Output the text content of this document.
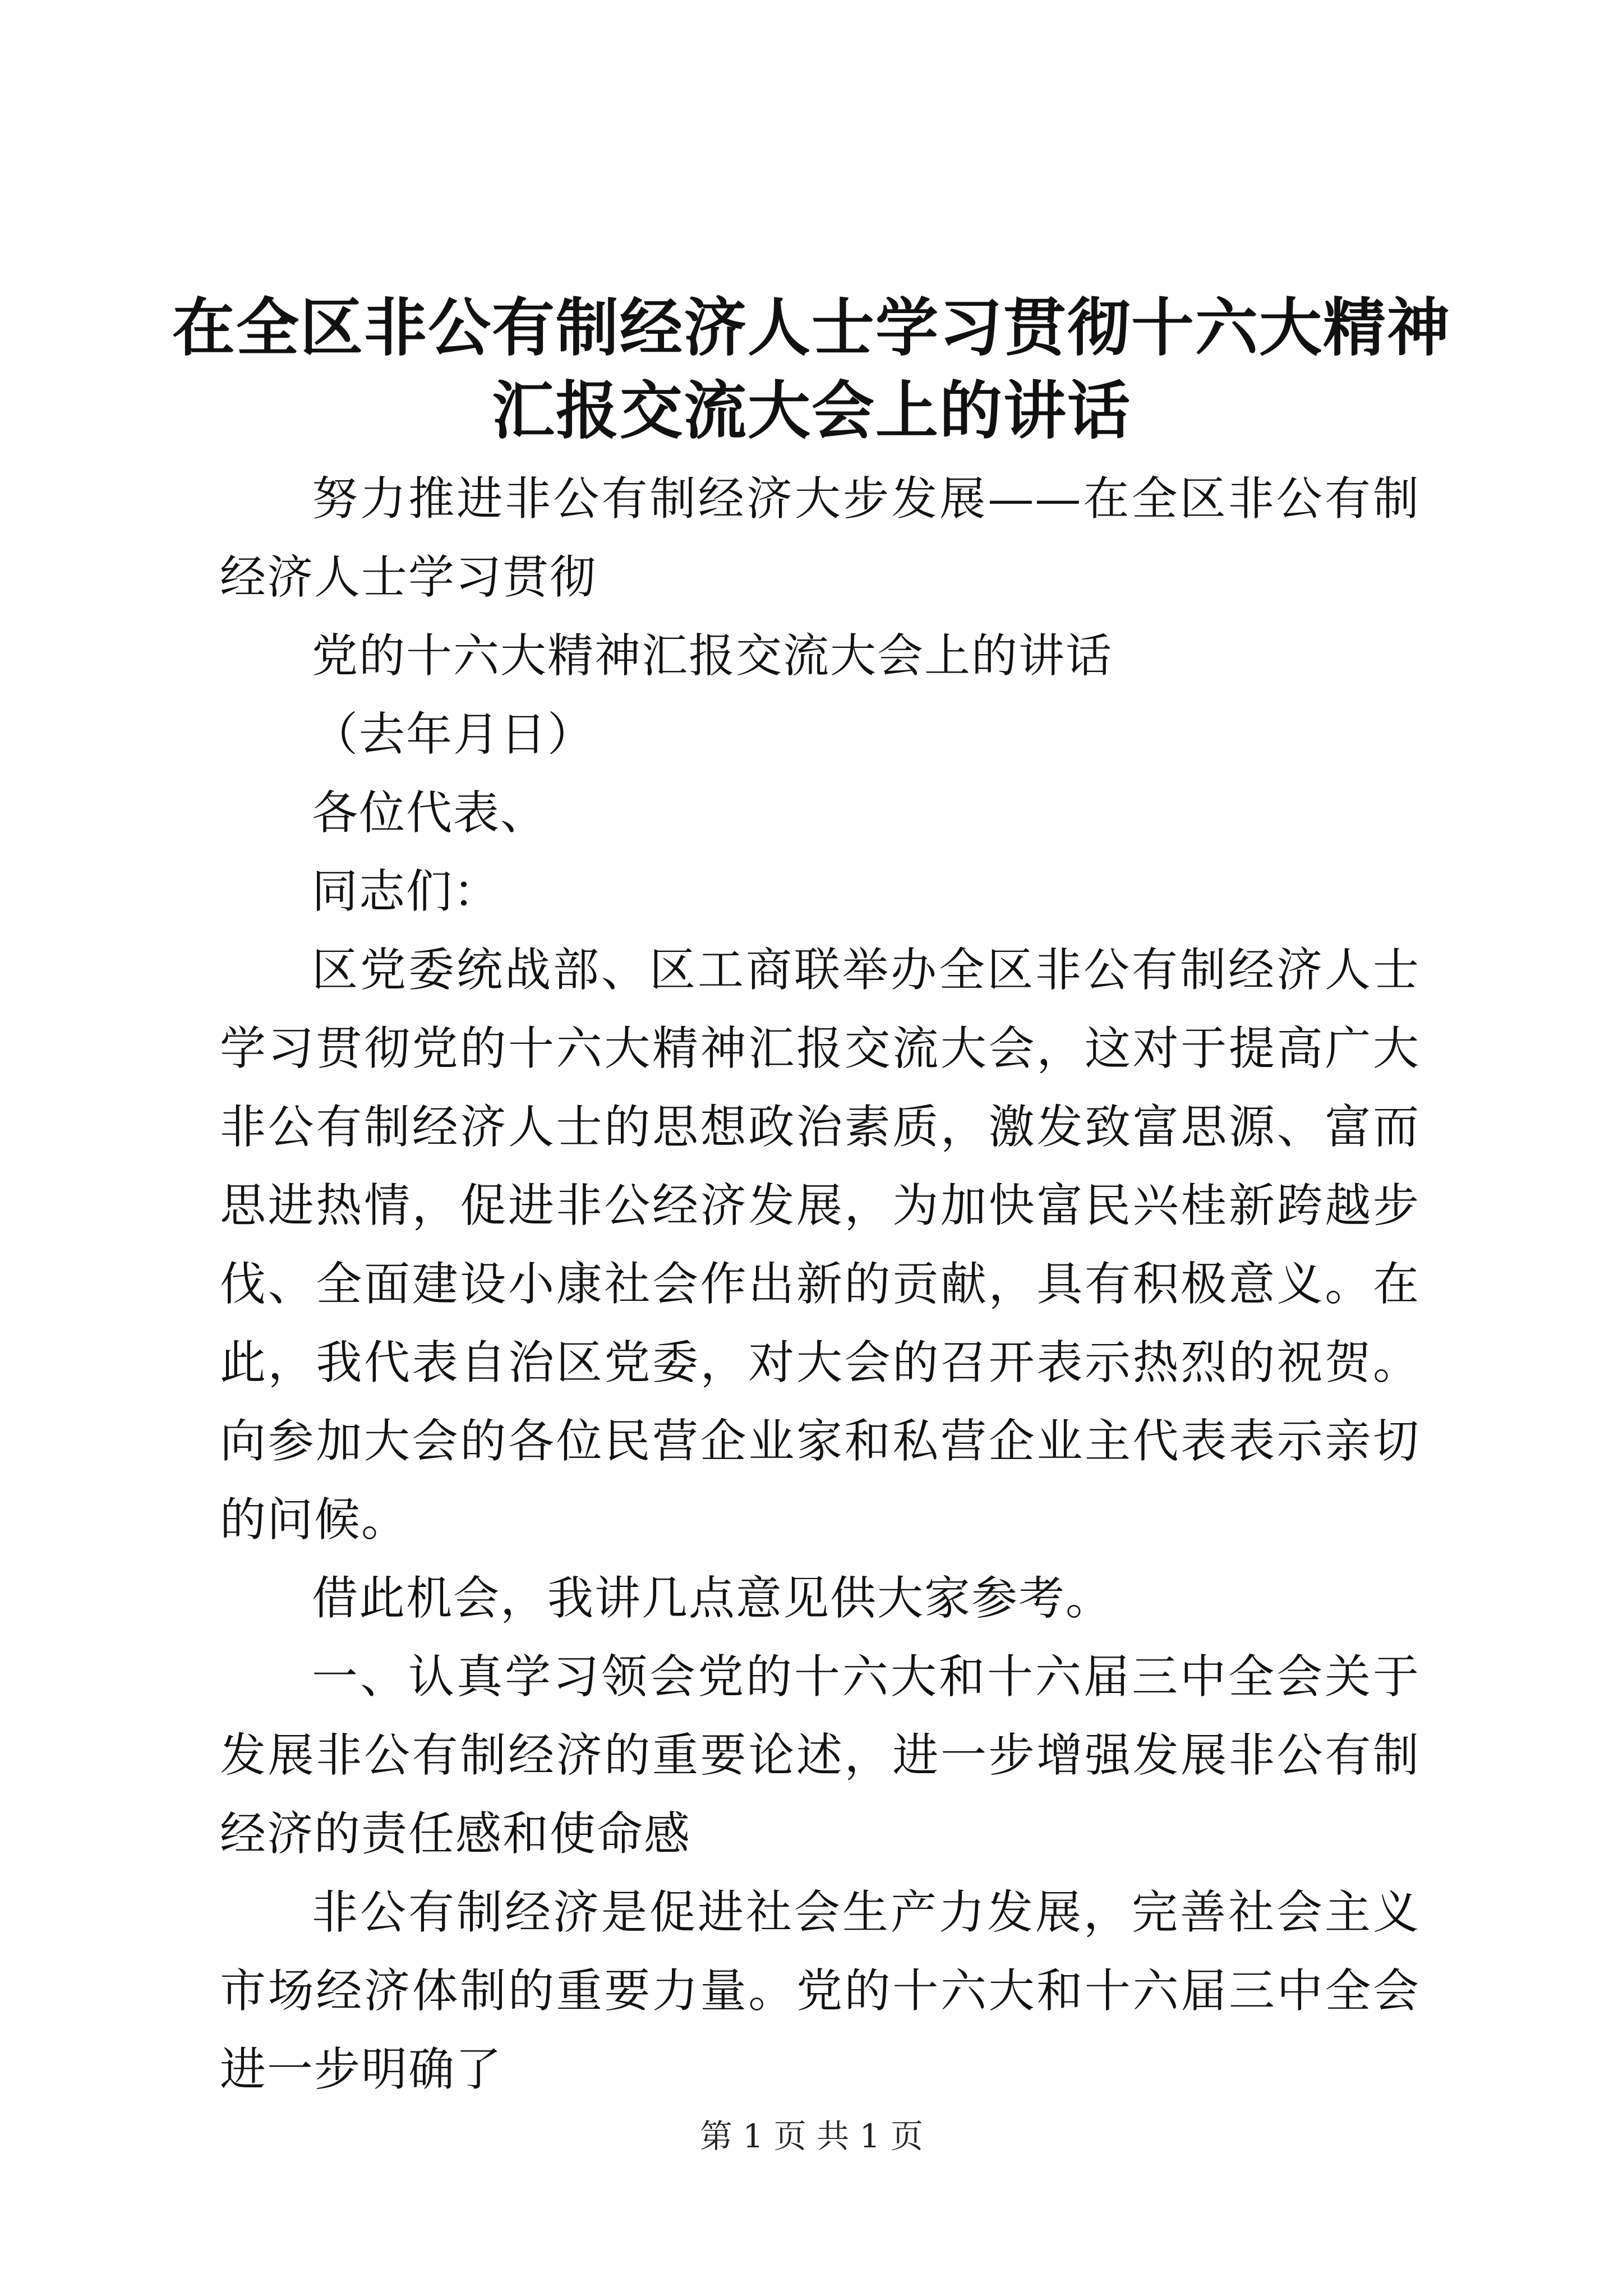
在全区非公有制经济人士学习贯彻十六大精神
汇报交流大会上的讲话

努力推进非公有制经济大步发展——在全区非公有制经济人士学习贯彻

党的十六大精神汇报交流大会上的讲话

（去年月日）

各位代表、

同志们：

区党委统战部、区工商联举办全区非公有制经济人士学习贯彻党的十六大精神汇报交流大会，这对于提高广大非公有制经济人士的思想政治素质，激发致富思源、富而思进热情，促进非公经济发展，为加快富民兴桂新跨越步伐、全面建设小康社会作出新的贡献，具有积极意义。在此，我代表自治区党委，对大会的召开表示热烈的祝贺。向参加大会的各位民营企业家和私营企业主代表表示亲切的问候。

借此机会，我讲几点意见供大家参考。

一、认真学习领会党的十六大和十六届三中全会关于发展非公有制经济的重要论述，进一步增强发展非公有制经济的责任感和使命感

非公有制经济是促进社会生产力发展，完善社会主义市场经济体制的重要力量。党的十六大和十六届三中全会进一步明确了

第 1 页 共 1 页
